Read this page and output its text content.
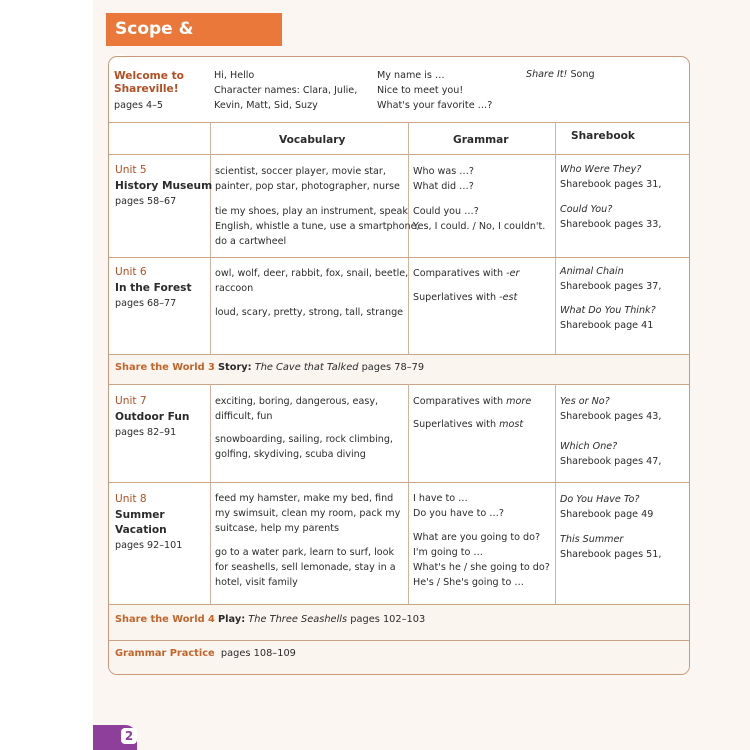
Scope &
Welcome to
Shareville!
pages 4–5
Hi, Hello
Character names: Clara, Julie,
Kevin, Matt, Sid, Suzy
My name is …
Nice to meet you!
What's your favorite …?
Share It! Song
Vocabulary	Grammar	Sharebook
Unit 5
History Museum
pages 58–67
scientist, soccer player, movie star,
painter, pop star, photographer, nurse
tie my shoes, play an instrument, speak
English, whistle a tune, use a smartphone,
do a cartwheel
Who was …?
What did …?
Could you …?
Yes, I could. / No, I couldn't.
Who Were They?
Sharebook pages 31,
Could You?
Sharebook pages 33,
Unit 6
In the Forest
pages 68–77
owl, wolf, deer, rabbit, fox, snail, beetle,
raccoon
loud, scary, pretty, strong, tall, strange
Comparatives with -er
Superlatives with -est
Animal Chain
Sharebook pages 37,
What Do You Think?
Sharebook page 41
Share the World 3 Story: The Cave that Talked pages 78–79
Unit 7
Outdoor Fun
pages 82–91
exciting, boring, dangerous, easy,
difficult, fun
snowboarding, sailing, rock climbing,
golfing, skydiving, scuba diving
Comparatives with more
Superlatives with most
Yes or No?
Sharebook pages 43,
Which One?
Sharebook pages 47,
Unit 8
Summer
Vacation
pages 92–101
feed my hamster, make my bed, find
my swimsuit, clean my room, pack my
suitcase, help my parents
go to a water park, learn to surf, look
for seashells, sell lemonade, stay in a
hotel, visit family
I have to …
Do you have to …?
What are you going to do?
I'm going to …
What's he / she going to do?
He's / She's going to …
Do You Have To?
Sharebook page 49
This Summer
Sharebook pages 51,
Share the World 4 Play: The Three Seashells pages 102–103
Grammar Practice pages 108–109
2
